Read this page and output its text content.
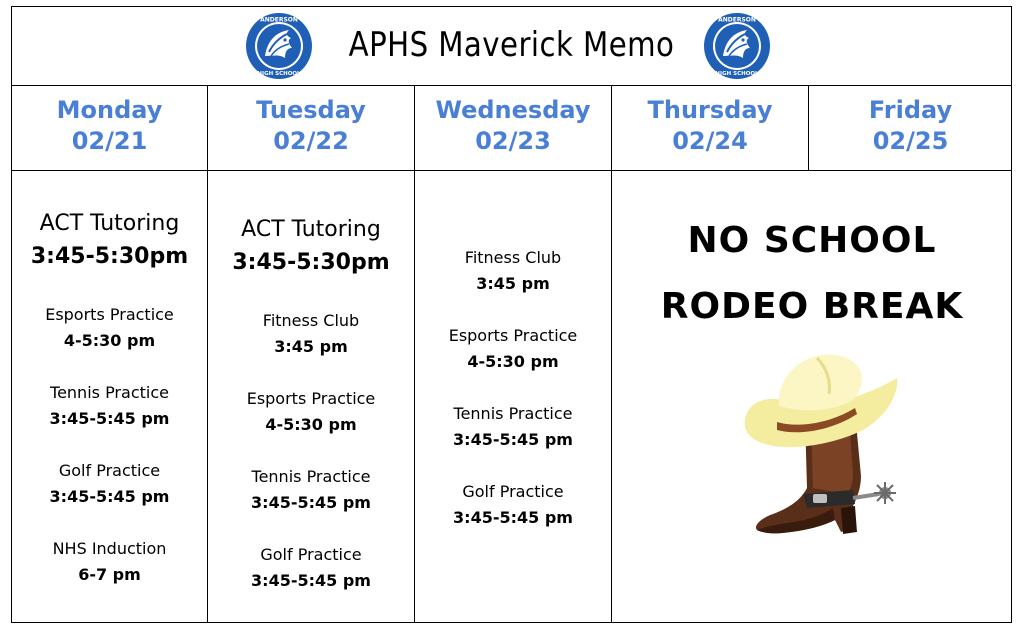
ANDERSON
HIGH SCHOOL
APHS Maverick Memo
ANDERSON
HIGH SCHOOL
Monday
02/21
Tuesday
02/22
Wednesday
02/23
Thursday
02/24
Friday
02/25
ACT Tutoring
3:45-5:30pm
Esports Practice
4-5:30 pm
Tennis Practice
3:45-5:45 pm
Golf Practice
3:45-5:45 pm
NHS Induction
6-7 pm
ACT Tutoring
3:45-5:30pm
Fitness Club
3:45 pm
Esports Practice
4-5:30 pm
Tennis Practice
3:45-5:45 pm
Golf Practice
3:45-5:45 pm
Fitness Club
3:45 pm
Esports Practice
4-5:30 pm
Tennis Practice
3:45-5:45 pm
Golf Practice
3:45-5:45 pm
NO SCHOOL
RODEO BREAK
